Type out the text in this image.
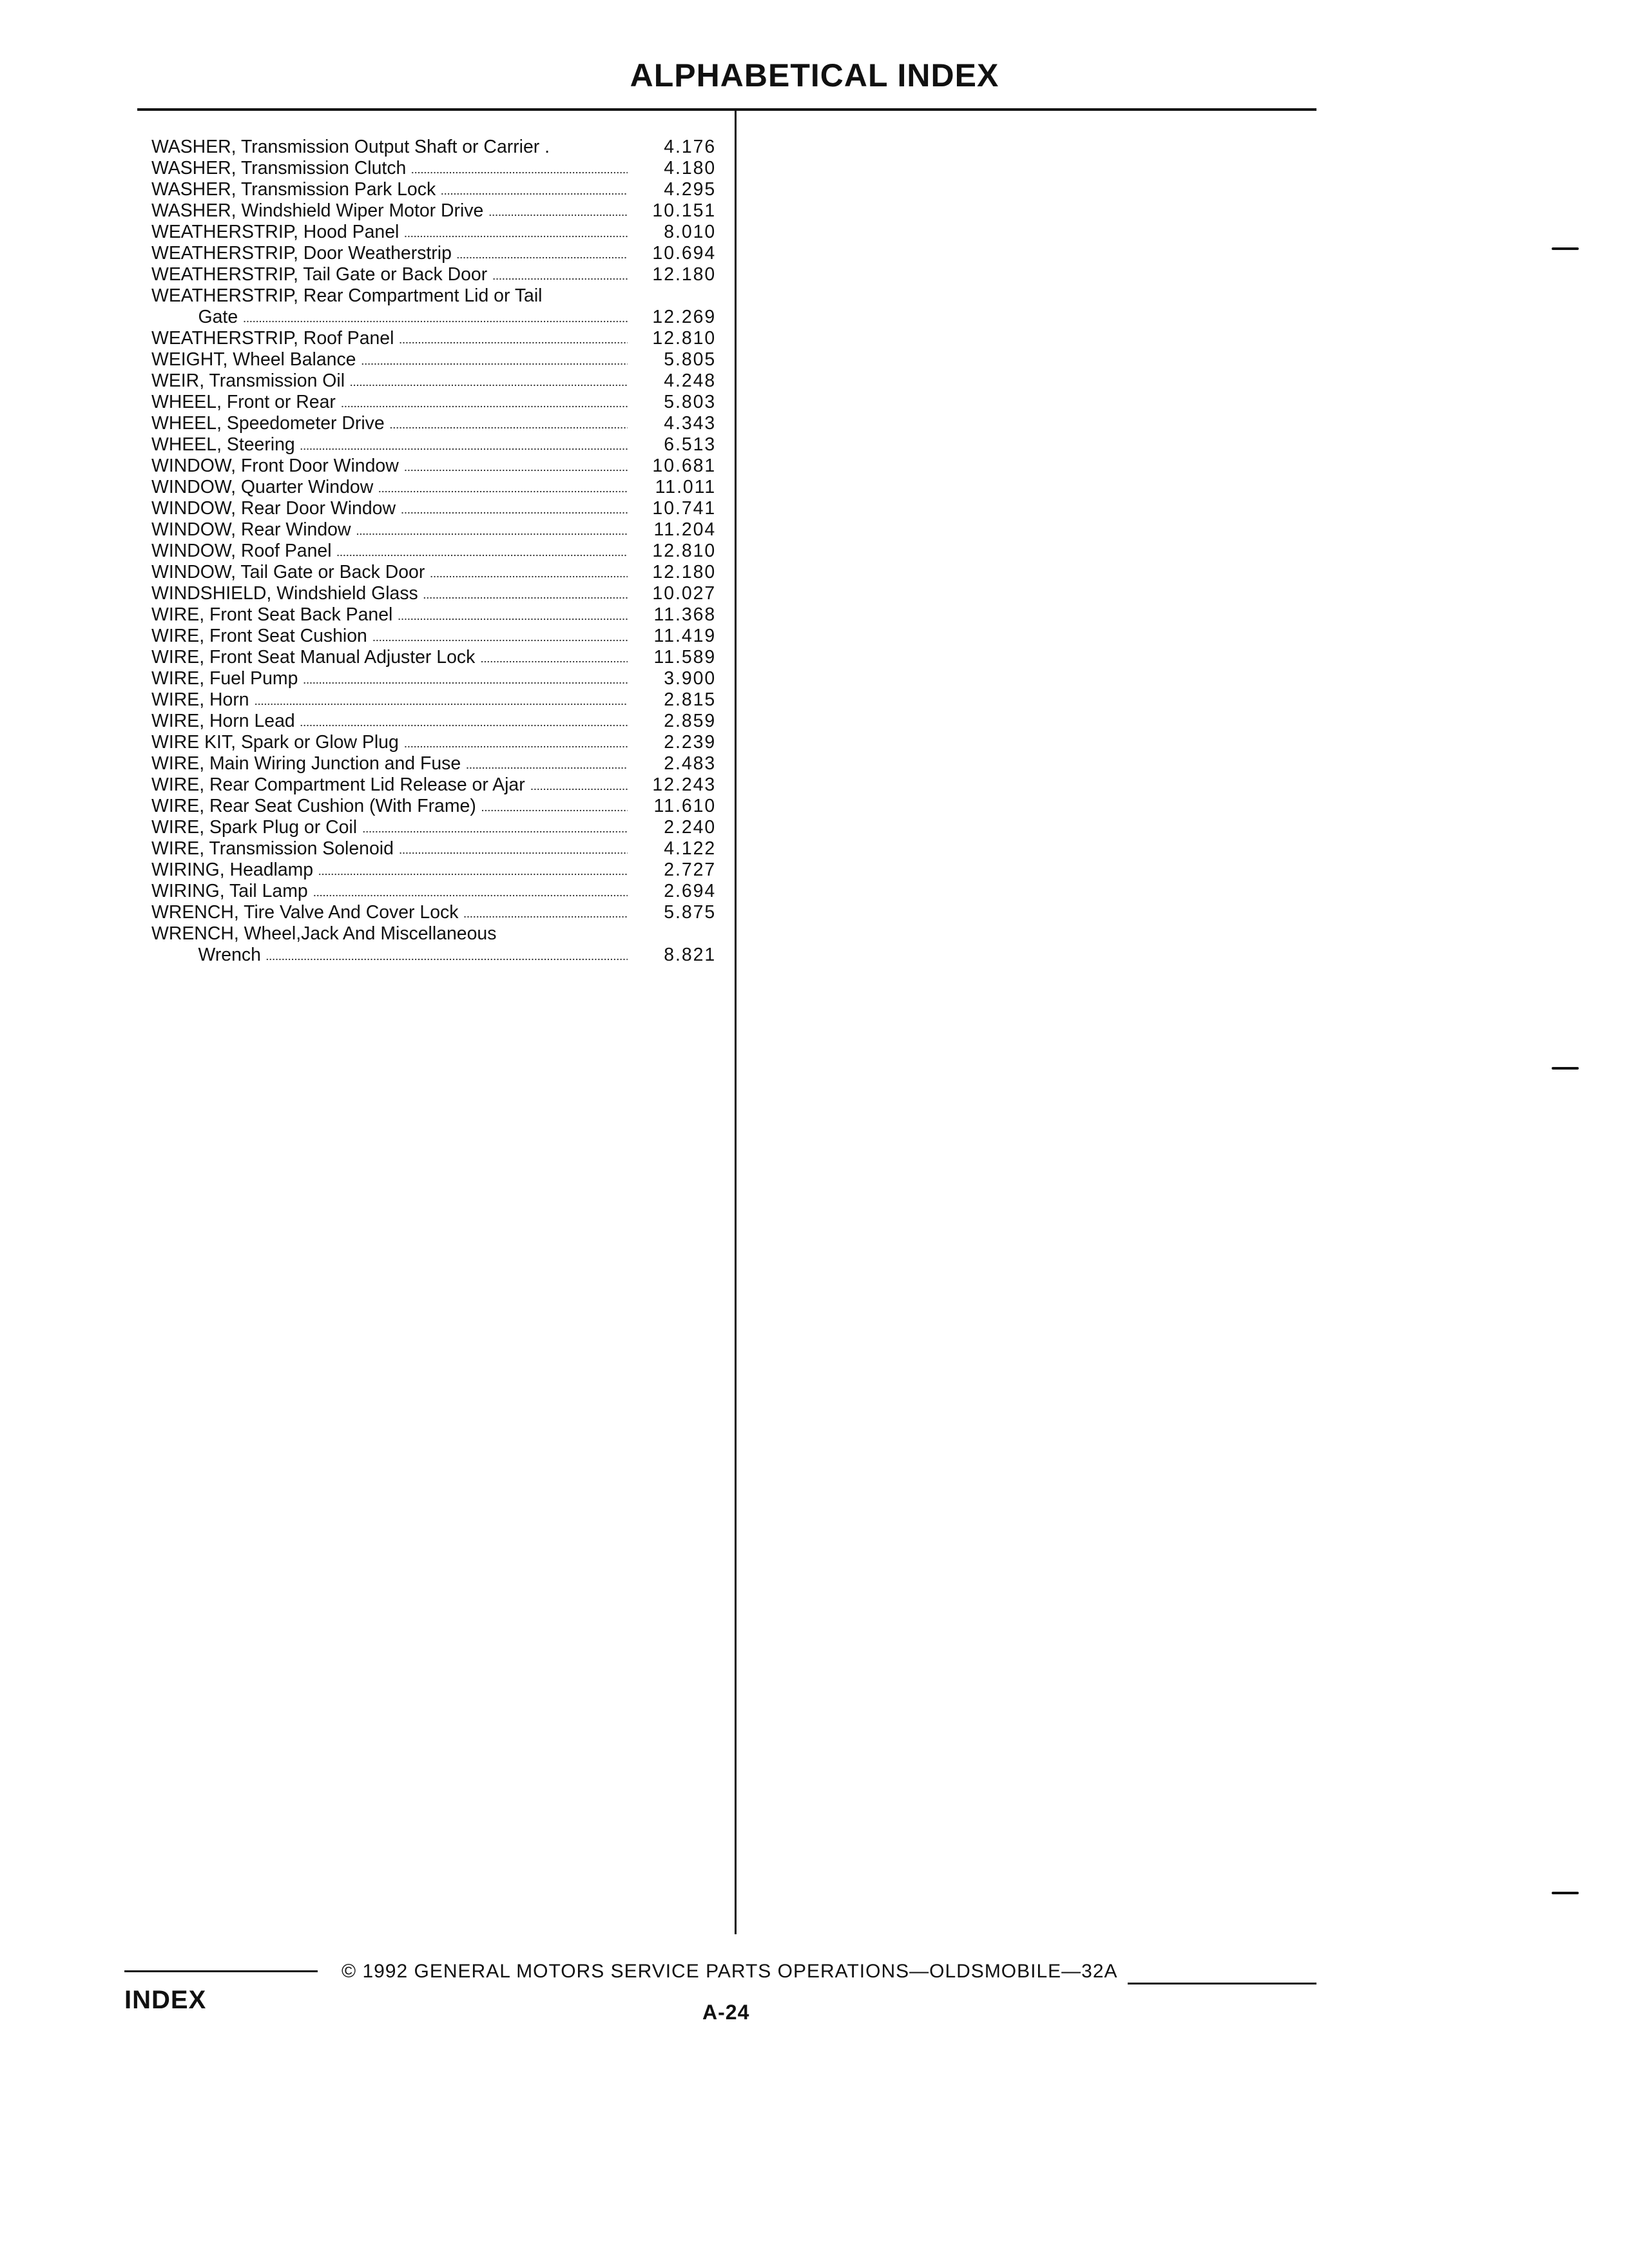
ALPHABETICAL INDEX
WASHER, Transmission Output Shaft or Carrier .	4.176
WASHER, Transmission Clutch	4.180
WASHER, Transmission Park Lock	4.295
WASHER, Windshield Wiper Motor Drive	10.151
WEATHERSTRIP, Hood Panel	8.010
WEATHERSTRIP, Door Weatherstrip	10.694
WEATHERSTRIP, Tail Gate or Back Door	12.180
WEATHERSTRIP, Rear Compartment Lid or Tail
Gate	12.269
WEATHERSTRIP, Roof Panel	12.810
WEIGHT, Wheel Balance	5.805
WEIR, Transmission Oil	4.248
WHEEL, Front or Rear	5.803
WHEEL, Speedometer Drive	4.343
WHEEL, Steering	6.513
WINDOW, Front Door Window	10.681
WINDOW, Quarter Window	11.011
WINDOW, Rear Door Window	10.741
WINDOW, Rear Window	11.204
WINDOW, Roof Panel	12.810
WINDOW, Tail Gate or Back Door	12.180
WINDSHIELD, Windshield Glass	10.027
WIRE, Front Seat Back Panel	11.368
WIRE, Front Seat Cushion	11.419
WIRE, Front Seat Manual Adjuster Lock	11.589
WIRE, Fuel Pump	3.900
WIRE, Horn	2.815
WIRE, Horn Lead	2.859
WIRE KIT, Spark or Glow Plug	2.239
WIRE, Main Wiring Junction and Fuse	2.483
WIRE, Rear Compartment Lid Release or Ajar	12.243
WIRE, Rear Seat Cushion (With Frame)	11.610
WIRE, Spark Plug or Coil	2.240
WIRE, Transmission Solenoid	4.122
WIRING, Headlamp	2.727
WIRING, Tail Lamp	2.694
WRENCH, Tire Valve And Cover Lock	5.875
WRENCH, Wheel,Jack And Miscellaneous
Wrench	8.821
© 1992 GENERAL MOTORS SERVICE PARTS OPERATIONS—OLDSMOBILE—32A
INDEX	A-24
